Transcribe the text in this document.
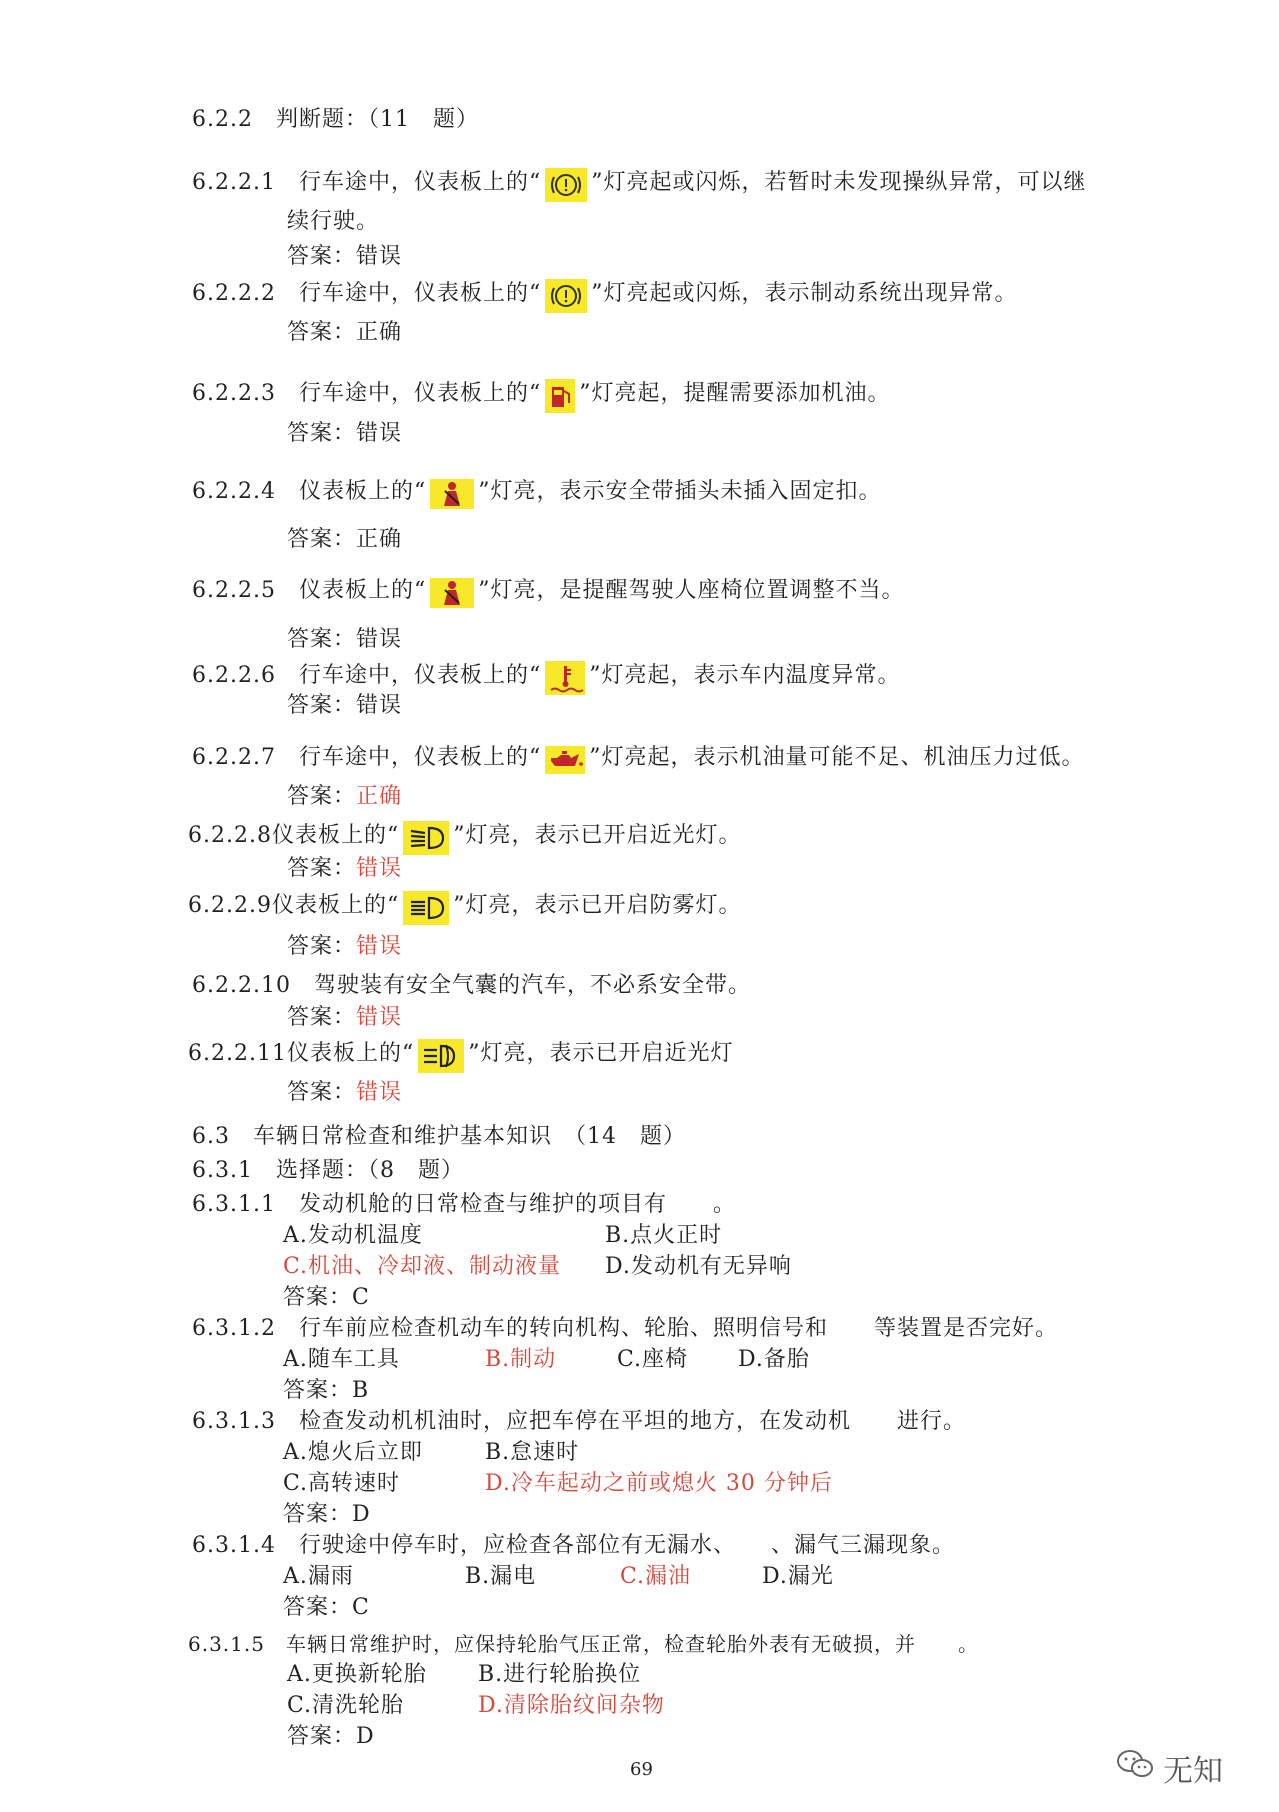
6.2.2　判断题：（11　题）
6.2.2.1　 行车途中，仪表板上的“ ”灯亮起或闪烁，若暂时未发现操纵异常，可以继
续行驶。
答案：错误
6.2.2.2　 行车途中，仪表板上的“ ”灯亮起或闪烁，表示制动系统出现异常。
答案：正确
6.2.2.3　 行车途中，仪表板上的“ ”灯亮起，提醒需要添加机油。
答案：错误
6.2.2.4　 仪表板上的“ ”灯亮，表示安全带插头未插入固定扣。
答案：正确
6.2.2.5　 仪表板上的“ ”灯亮，是提醒驾驶人座椅位置调整不当。
答案：错误
6.2.2.6　 行车途中，仪表板上的“ ”灯亮起，表示车内温度异常。
答案：错误
6.2.2.7　 行车途中，仪表板上的“ ”灯亮起，表示机油量可能不足、机油压力过低。
答案：正确
6.2.2.8仪表板上的“ ”灯亮，表示已开启近光灯。
答案：错误
6.2.2.9仪表板上的“ ”灯亮，表示已开启防雾灯。
答案：错误
6.2.2.10　 驾驶装有安全气囊的汽车，不必系安全带。
答案：错误
6.2.2.11仪表板上的“ ”灯亮，表示已开启近光灯
答案：错误
6.3　车辆日常检查和维护基本知识　（14　题）
6.3.1　选择题：（8　题）
6.3.1.1　 发动机舱的日常检查与维护的项目有　　。
A.发动机温度	B.点火正时
C.机油、冷却液、制动液量 D.发动机有无异响
答案：C
6.3.1.2　 行车前应检查机动车的转向机构、轮胎、照明信号和　　等装置是否完好。
A.随车工具	B.制动	C.座椅 D.备胎
答案：B
6.3.1.3　 检查发动机机油时，应把车停在平坦的地方，在发动机　　进行。
A.熄火后立即	B.怠速时
C.高转速时	D.冷车起动之前或熄火 30 分钟后
答案：D
6.3.1.4　 行驶途中停车时，应检查各部位有无漏水、　　、漏气三漏现象。
A.漏雨	B.漏电	C.漏油	D.漏光
答案：C
6.3.1.5　 车辆日常维护时，应保持轮胎气压正常，检查轮胎外表有无破损，并　　。
A.更换新轮胎 B.进行轮胎换位
C.清洗轮胎	D.清除胎纹间杂物
答案：D
69	无知
